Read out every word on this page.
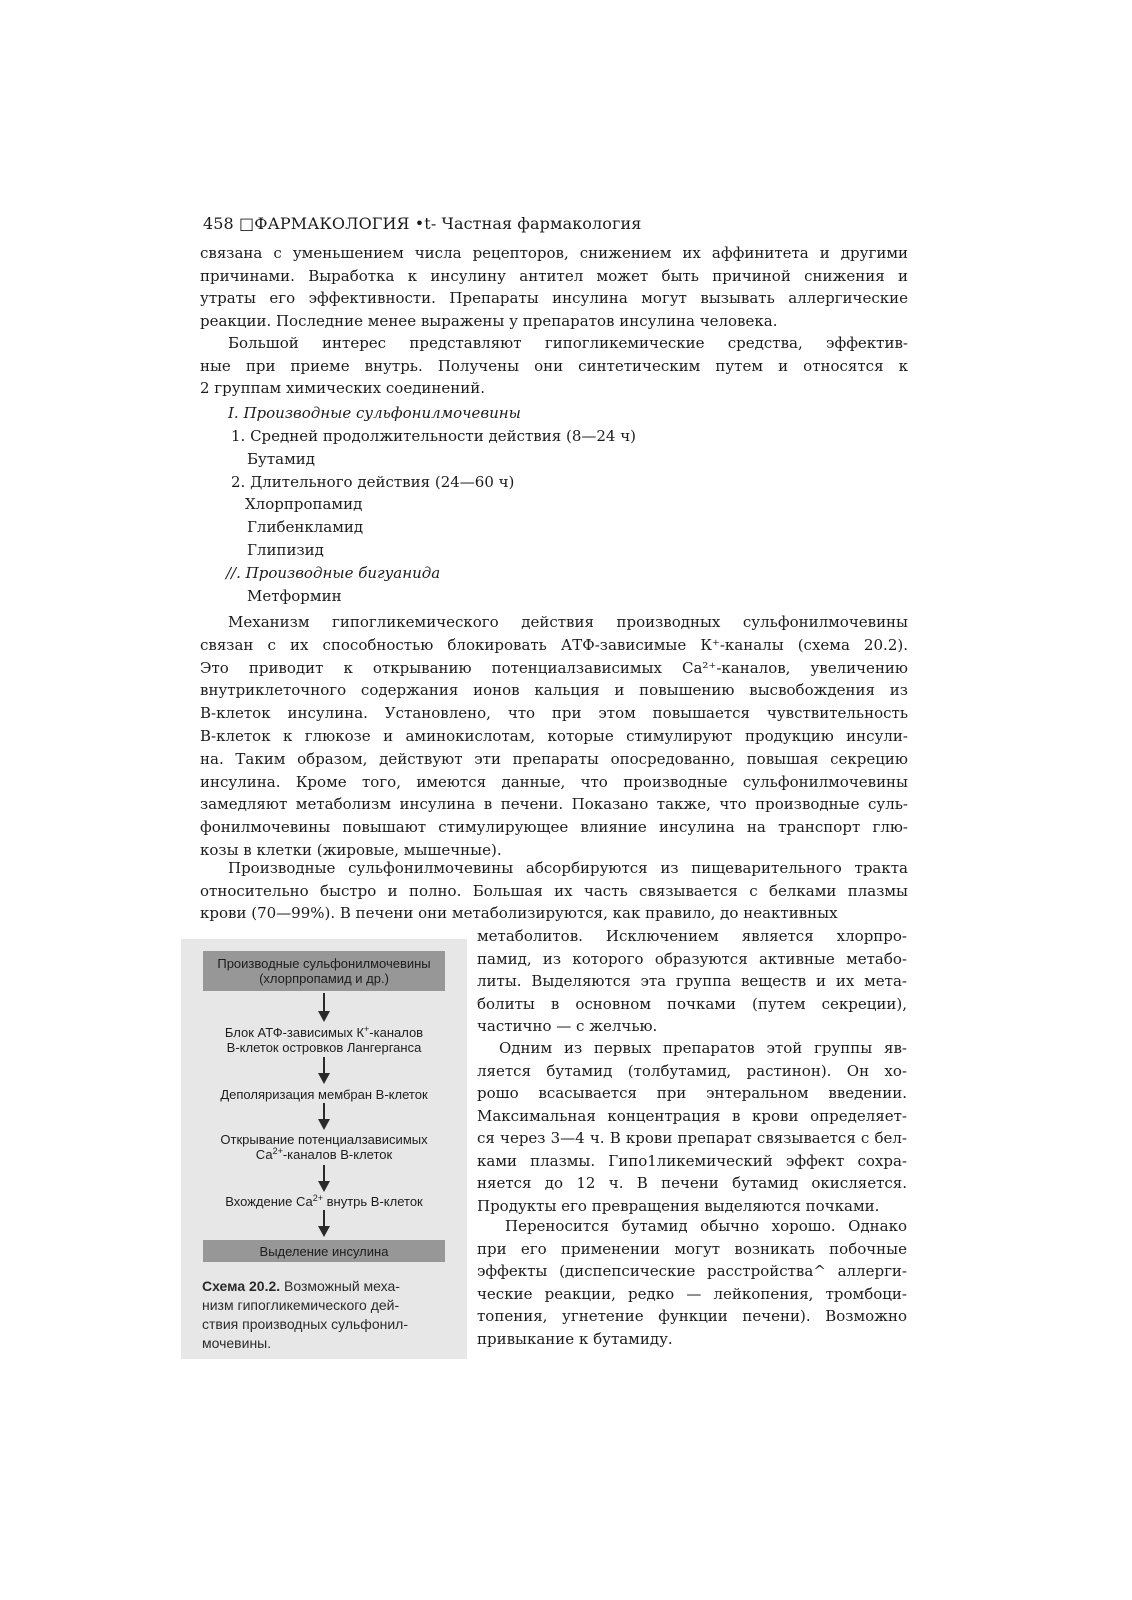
458 □ФАРМАКОЛОГИЯ •t- Частная фармакология
связана с уменьшением числа рецепторов, снижением их аффинитета и другими
причинами. Выработка к инсулину антител может быть причиной снижения и
утраты его эффективности. Препараты инсулина могут вызывать аллергические
реакции. Последние менее выражены у препаратов инсулина человека.
Большой интерес представляют гипогликемические средства, эффектив-
ные при приеме внутрь. Получены они синтетическим путем и относятся к
2 группам химических соединений.
I. Производные сульфонилмочевины
1. Средней продолжительности действия (8—24 ч)
Бутамид
2. Длительного действия (24—60 ч)
Хлорпропамид
Глибенкламид
Глипизид
//. Производные бигуанида
Метформин
Механизм гипогликемического действия производных сульфонилмочевины
связан с их способностью блокировать АТФ-зависимые К⁺-каналы (схема 20.2).
Это приводит к открыванию потенциалзависимых Са²⁺-каналов, увеличению
внутриклеточного содержания ионов кальция и повышению высвобождения из
В-клеток инсулина. Установлено, что при этом повышается чувствительность
В-клеток к глюкозе и аминокислотам, которые стимулируют продукцию инсули-
на. Таким образом, действуют эти препараты опосредованно, повышая секрецию
инсулина. Кроме того, имеются данные, что производные сульфонилмочевины
замедляют метаболизм инсулина в печени. Показано также, что производные суль-
фонилмочевины повышают стимулирующее влияние инсулина на транспорт глю-
козы в клетки (жировые, мышечные).
Производные сульфонилмочевины абсорбируются из пищеварительного тракта
относительно быстро и полно. Большая их часть связывается с белками плазмы
крови (70—99%). В печени они метаболизируются, как правило, до неактивных
метаболитов. Исключением является хлорпро-
памид, из которого образуются активные метабо-
литы. Выделяются эта группа веществ и их мета-
болиты в основном почками (путем секреции),
частично — с желчью.
Одним из первых препаратов этой группы яв-
ляется бутамид (толбутамид, растинон). Он хо-
рошо всасывается при энтеральном введении.
Максимальная концентрация в крови определяет-
ся через 3—4 ч. В крови препарат связывается с бел-
ками плазмы. Гипо1ликемический эффект сохра-
няется до 12 ч. В печени бутамид окисляется.
Продукты его превращения выделяются почками.
Переносится бутамид обычно хорошо. Однако
при его применении могут возникать побочные
эффекты (диспепсические расстройства^ аллерги-
ческие реакции, редко — лейкопения, тромбоци-
топения, угнетение функции печени). Возможно
привыкание к бутамиду.
Производные сульфонилмочевины
(хлорпропамид и др.)
Блок АТФ-зависимых К+-каналов
В-клеток островков Лангерганса
Деполяризация мембран В-клеток
Открывание потенциалзависимых
$Са^{2+}$-каналов В-клеток
Вхождение $Са^{2+}$ внутрь В-клеток
Выделение инсулина
Схема 20.2. Возможный меха-
низм гипогликемического дей-
ствия производных сульфонил-
мочевины.
